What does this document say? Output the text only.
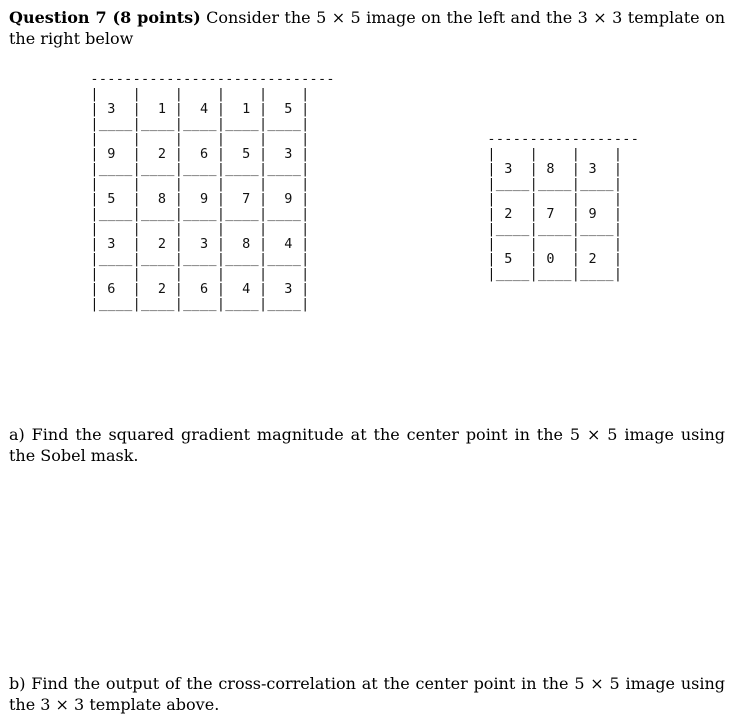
Question 7 (8 points) Consider the 5 × 5 image on the left and the 3 × 3 template on the right below
-----------------------------
|    |    |    |    |    |
| 3  |  1 |  4 |  1 |  5 |
|____|____|____|____|____|
|    |    |    |    |    |
| 9  |  2 |  6 |  5 |  3 |
|____|____|____|____|____|
|    |    |    |    |    |
| 5  |  8 |  9 |  7 |  9 |
|____|____|____|____|____|
|    |    |    |    |    |
| 3  |  2 |  3 |  8 |  4 |
|____|____|____|____|____|
|    |    |    |    |    |
| 6  |  2 |  6 |  4 |  3 |
|____|____|____|____|____|
------------------
|    |    |    |
| 3  | 8  | 3  |
|____|____|____|
|    |    |    |
| 2  | 7  | 9  |
|____|____|____|
|    |    |    |
| 5  | 0  | 2  |
|____|____|____|
a) Find the squared gradient magnitude at the center point in the 5 × 5 image using the Sobel mask.
b) Find the output of the cross-correlation at the center point in the 5 × 5 image using the 3 × 3 template above.
